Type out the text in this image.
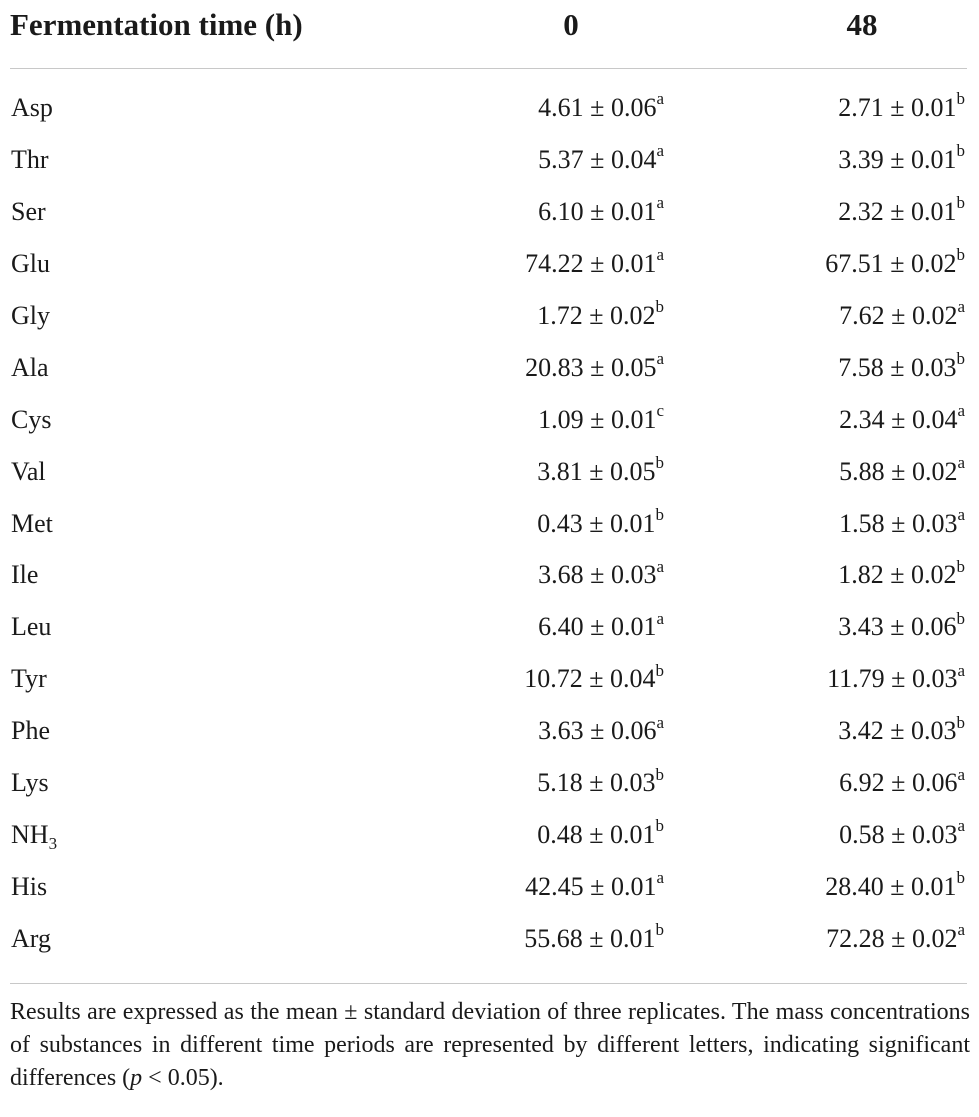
Fermentation time (h)	0	48
Asp	4.61 ± 0.06$^a$	2.71 ± 0.01$^b$
Thr	5.37 ± 0.04$^a$	3.39 ± 0.01$^b$
Ser	6.10 ± 0.01$^a$	2.32 ± 0.01$^b$
Glu	74.22 ± 0.01$^a$	67.51 ± 0.02$^b$
Gly	1.72 ± 0.02$^b$	7.62 ± 0.02$^a$
Ala	20.83 ± 0.05$^a$	7.58 ± 0.03$^b$
Cys	1.09 ± 0.01$^c$	2.34 ± 0.04$^a$
Val	3.81 ± 0.05$^b$	5.88 ± 0.02$^a$
Met	0.43 ± 0.01$^b$	1.58 ± 0.03$^a$
Ile	3.68 ± 0.03$^a$	1.82 ± 0.02$^b$
Leu	6.40 ± 0.01$^a$	3.43 ± 0.06$^b$
Tyr	10.72 ± 0.04$^b$	11.79 ± 0.03$^a$
Phe	3.63 ± 0.06$^a$	3.42 ± 0.03$^b$
Lys	5.18 ± 0.03$^b$	6.92 ± 0.06$^a$
$NH_3$	0.48 ± 0.01$^b$	0.58 ± 0.03$^a$
His	42.45 ± 0.01$^a$	28.40 ± 0.01$^b$
Arg	55.68 ± 0.01$^b$	72.28 ± 0.02$^a$
Results are expressed as the mean ± standard deviation of three replicates. The mass concentrations of substances in different time periods are represented by different letters, indicating significant differences (p < 0.05).
